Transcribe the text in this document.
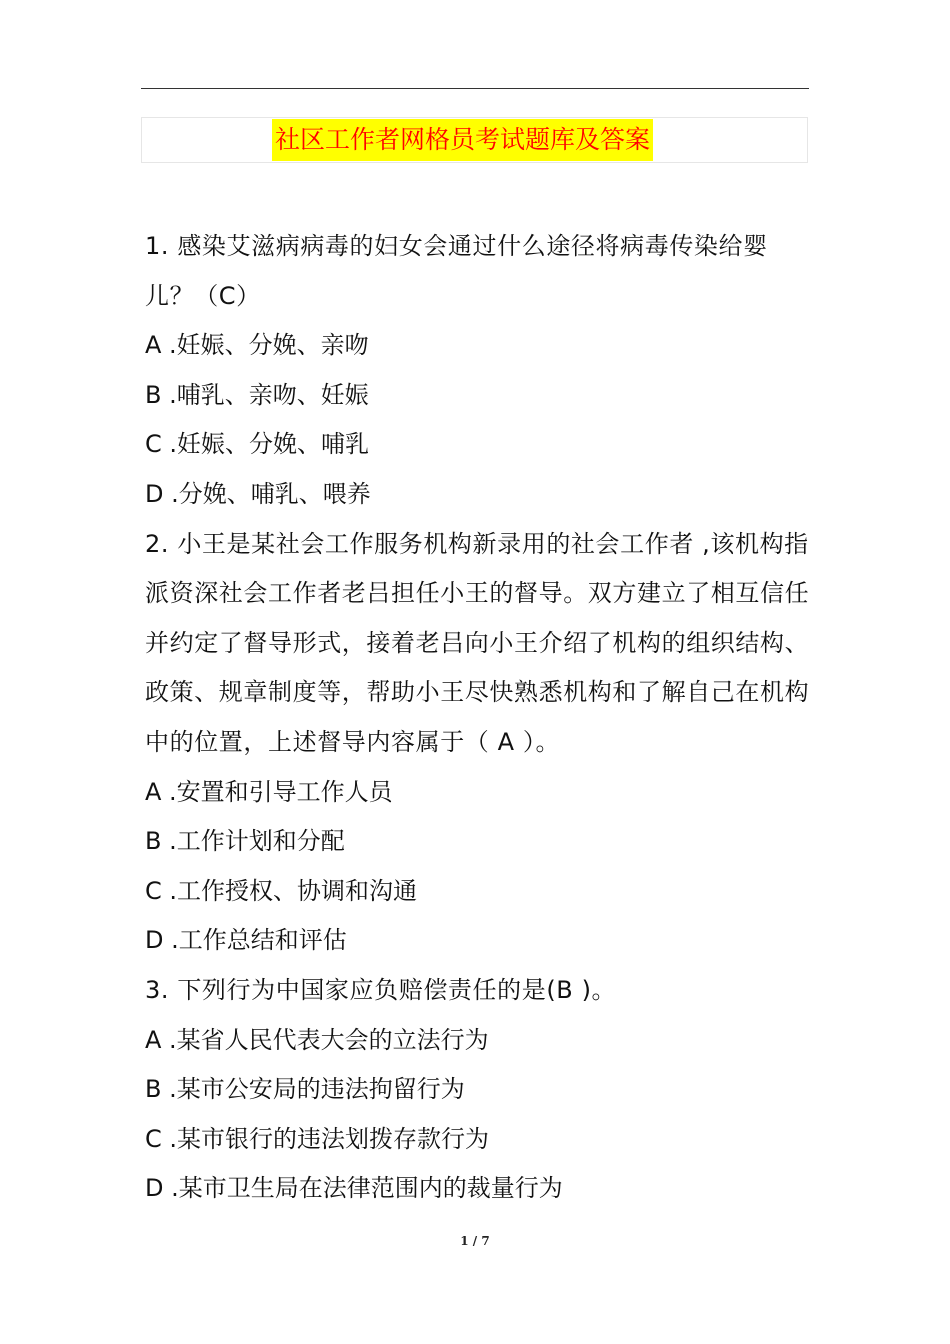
社区工作者网格员考试题库及答案

1. 感染艾滋病病毒的妇女会通过什么途径将病毒传染给婴儿？（C）

A .妊娠、分娩、亲吻

B .哺乳、亲吻、妊娠

C .妊娠、分娩、哺乳

D .分娩、哺乳、喂养

2. 小王是某社会工作服务机构新录用的社会工作者 ,该机构指派资深社会工作者老吕担任小王的督导。双方建立了相互信任并约定了督导形式，接着老吕向小王介绍了机构的组织结构、政策、规章制度等，帮助小王尽快熟悉机构和了解自己在机构中的位置，上述督导内容属于（ A ）。

A .安置和引导工作人员

B .工作计划和分配

C .工作授权、协调和沟通

D .工作总结和评估

3. 下列行为中国家应负赔偿责任的是(B )。

A .某省人民代表大会的立法行为

B .某市公安局的违法拘留行为

C .某市银行的违法划拨存款行为

D .某市卫生局在法律范围内的裁量行为

1 / 7
